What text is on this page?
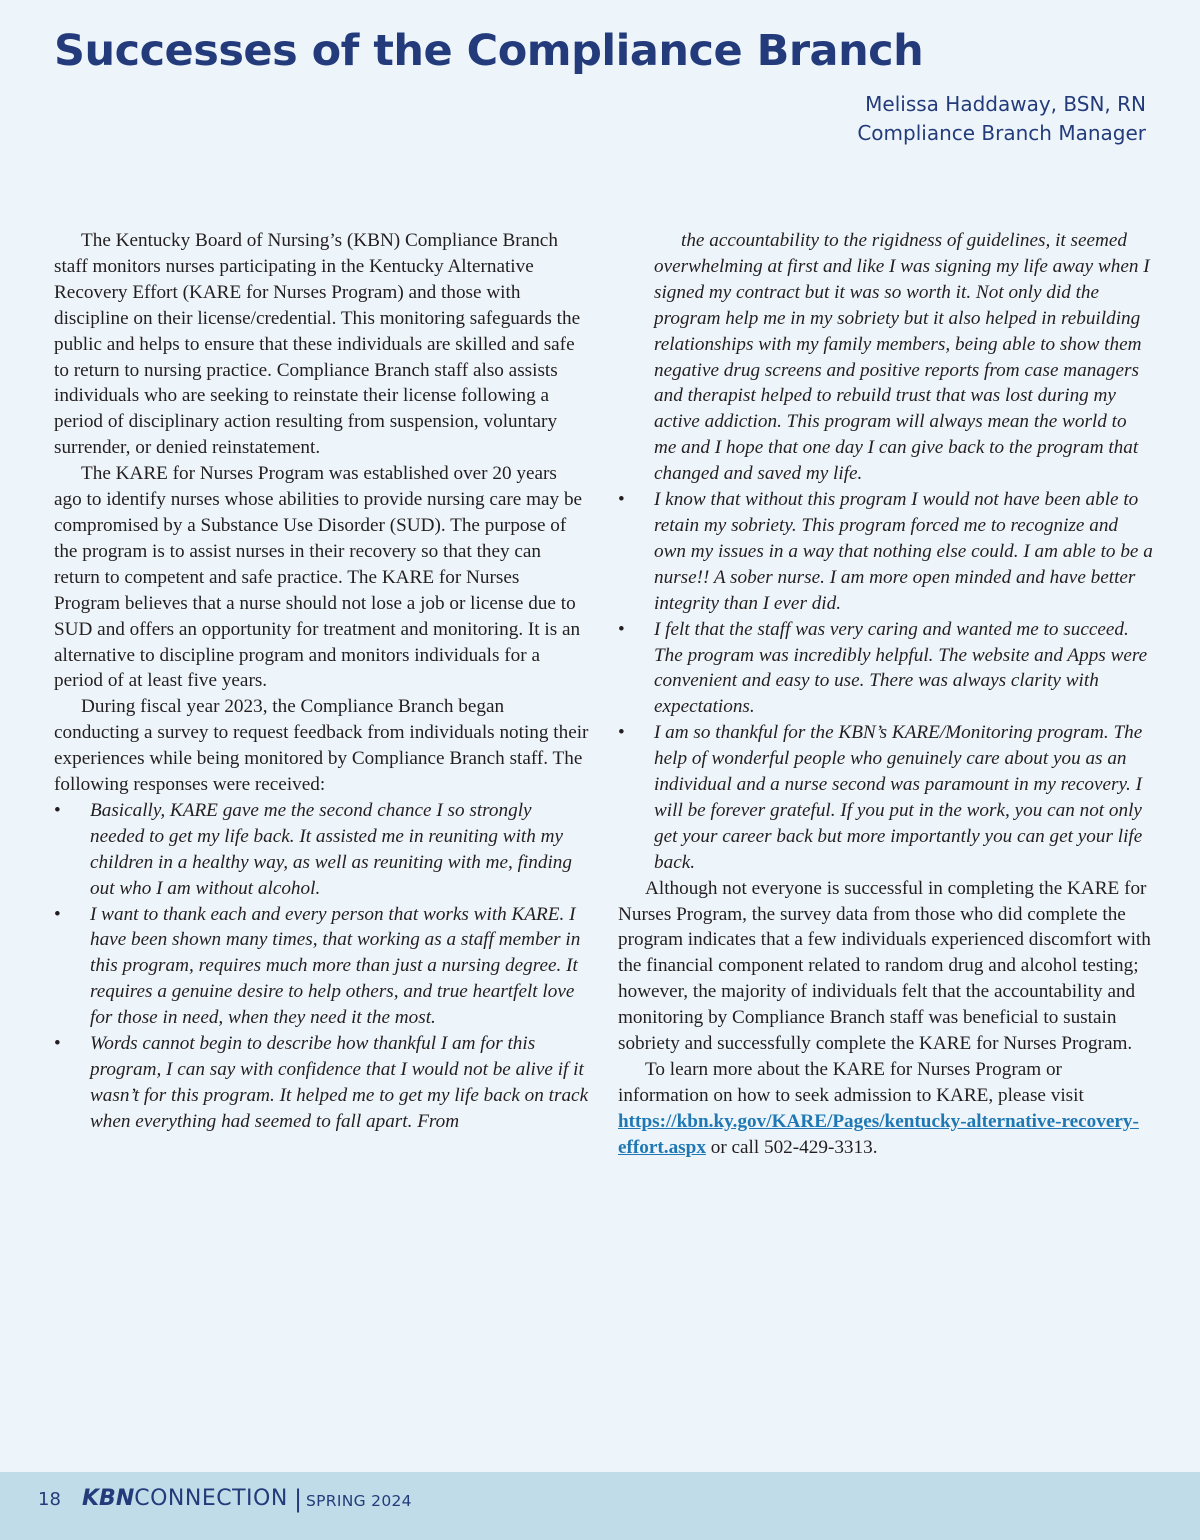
Successes of the Compliance Branch
Melissa Haddaway, BSN, RN
Compliance Branch Manager

The Kentucky Board of Nursing’s (KBN) Compliance Branch staff monitors nurses participating in the Kentucky Alternative Recovery Effort (KARE for Nurses Program) and those with discipline on their license/credential. This monitoring safeguards the public and helps to ensure that these individuals are skilled and safe to return to nursing practice. Compliance Branch staff also assists individuals who are seeking to reinstate their license following a period of disciplinary action resulting from suspension, voluntary surrender, or denied reinstatement.

The KARE for Nurses Program was established over 20 years ago to identify nurses whose abilities to provide nursing care may be compromised by a Substance Use Disorder (SUD). The purpose of the program is to assist nurses in their recovery so that they can return to competent and safe practice. The KARE for Nurses Program believes that a nurse should not lose a job or license due to SUD and offers an opportunity for treatment and monitoring. It is an alternative to discipline program and monitors individuals for a period of at least five years.

During fiscal year 2023, the Compliance Branch began conducting a survey to request feedback from individuals noting their experiences while being monitored by Compliance Branch staff. The following responses were received:

• Basically, KARE gave me the second chance I so strongly needed to get my life back. It assisted me in reuniting with my children in a healthy way, as well as reuniting with me, finding out who I am without alcohol.
• I want to thank each and every person that works with KARE. I have been shown many times, that working as a staff member in this program, requires much more than just a nursing degree. It requires a genuine desire to help others, and true heartfelt love for those in need, when they need it the most.
• Words cannot begin to describe how thankful I am for this program, I can say with confidence that I would not be alive if it wasn’t for this program. It helped me to get my life back on track when everything had seemed to fall apart. From

the accountability to the rigidness of guidelines, it seemed overwhelming at first and like I was signing my life away when I signed my contract but it was so worth it. Not only did the program help me in my sobriety but it also helped in rebuilding relationships with my family members, being able to show them negative drug screens and positive reports from case managers and therapist helped to rebuild trust that was lost during my active addiction. This program will always mean the world to me and I hope that one day I can give back to the program that changed and saved my life.

• I know that without this program I would not have been able to retain my sobriety. This program forced me to recognize and own my issues in a way that nothing else could. I am able to be a nurse!! A sober nurse. I am more open minded and have better integrity than I ever did.
• I felt that the staff was very caring and wanted me to succeed. The program was incredibly helpful. The website and Apps were convenient and easy to use. There was always clarity with expectations.
• I am so thankful for the KBN’s KARE/Monitoring program. The help of wonderful people who genuinely care about you as an individual and a nurse second was paramount in my recovery. I will be forever grateful. If you put in the work, you can not only get your career back but more importantly you can get your life back.

Although not everyone is successful in completing the KARE for Nurses Program, the survey data from those who did complete the program indicates that a few individuals experienced discomfort with the financial component related to random drug and alcohol testing; however, the majority of individuals felt that the accountability and monitoring by Compliance Branch staff was beneficial to sustain sobriety and successfully complete the KARE for Nurses Program.

To learn more about the KARE for Nurses Program or information on how to seek admission to KARE, please visit https://kbn.ky.gov/KARE/Pages/kentucky-alternative-recovery-effort.aspx or call 502-429-3313.

18 KBNCONNECTION | SPRING 2024
